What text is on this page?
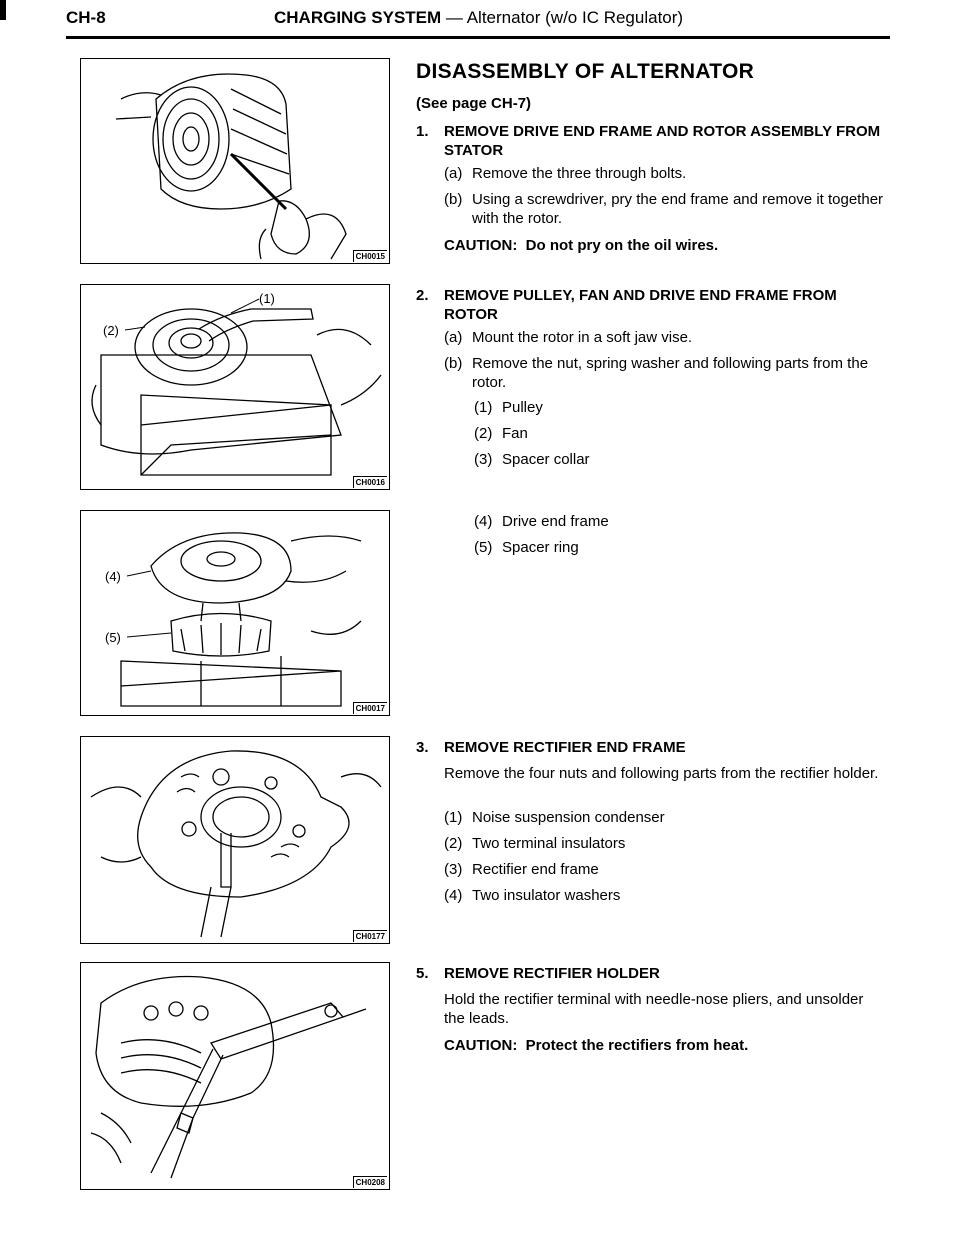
CH-8	CHARGING SYSTEM — Alternator (w/o IC Regulator)
CH0015
(2)
(1)
CH0016
(4)
(5)
CH0017
CH0177
CH0208
DISASSEMBLY OF ALTERNATOR
(See page CH-7)
1. REMOVE DRIVE END FRAME AND ROTOR ASSEMBLY FROM STATOR
(a) Remove the three through bolts.
(b) Using a screwdriver, pry the end frame and remove it together with the rotor.
CAUTION: Do not pry on the oil wires.
2. REMOVE PULLEY, FAN AND DRIVE END FRAME FROM ROTOR
(a) Mount the rotor in a soft jaw vise.
(b) Remove the nut, spring washer and following parts from the rotor.
(1) Pulley
(2) Fan
(3) Spacer collar
(4) Drive end frame
(5) Spacer ring
3. REMOVE RECTIFIER END FRAME
Remove the four nuts and following parts from the rectifier holder.
(1) Noise suspension condenser
(2) Two terminal insulators
(3) Rectifier end frame
(4) Two insulator washers
5. REMOVE RECTIFIER HOLDER
Hold the rectifier terminal with needle-nose pliers, and unsolder the leads.
CAUTION: Protect the rectifiers from heat.
